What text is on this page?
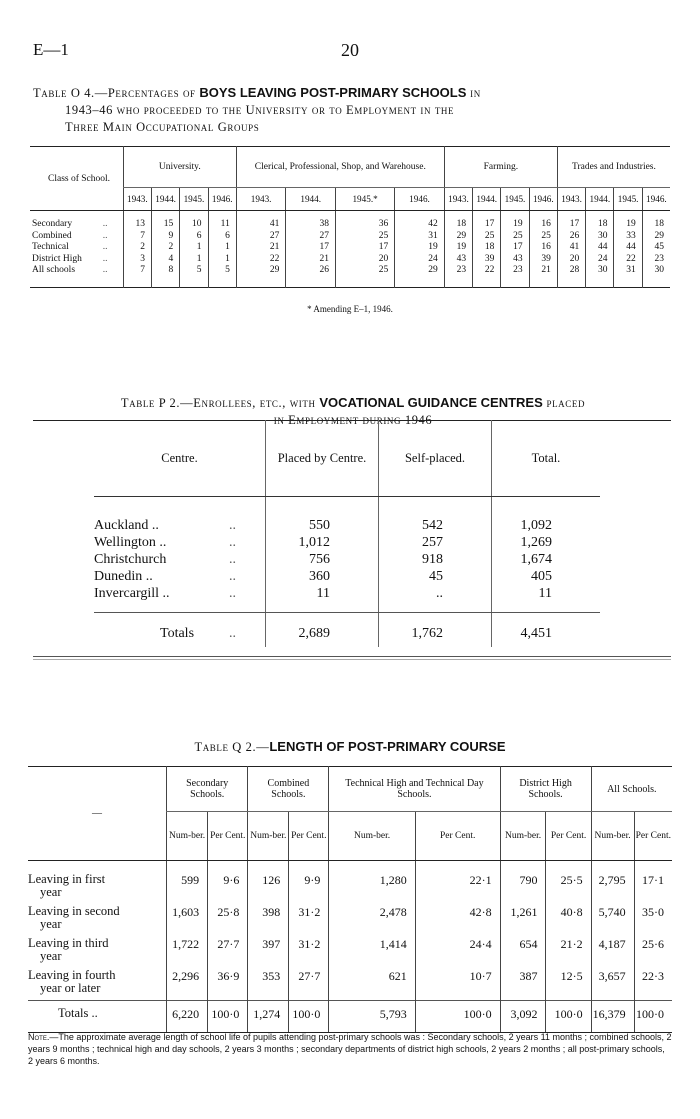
E—1	20
Table O 4.—Percentages of BOYS LEAVING POST-PRIMARY SCHOOLS in
1943–46 who proceeded to the University or to Employment in the
Three Main Occupational Groups
Class of School.		University.				Clerical, Professional, Shop, and Warehouse.				Farming.				Trades and Industries.			
		1943.	1944.	1945.	1946.	1943.	1944.	1945.*	1946.	1943.	1944.	1945.	1946.	1943.	1944.	1945.	1946.
Secondary	..	13	15	10	11	41	38	36	42	18	17	19	16	17	18	19	18
Combined	..	7	9	6	6	27	27	25	31	29	25	25	25	26	30	33	29
Technical	..	2	2	1	1	21	17	17	19	19	18	17	16	41	44	44	45
District High	..	3	4	1	1	22	21	20	24	43	39	43	39	20	24	22	23
All schools	..	7	8	5	5	29	26	25	29	23	22	23	21	28	30	31	30
* Amending E–1, 1946.
Table P 2.—Enrollees, etc., with VOCATIONAL GUIDANCE CENTRES placed
in Employment during 1946
Centre.		Placed by Centre.	Self-placed.	Total.
Auckland ..	..	550	542	1,092
Wellington ..	..	1,012	257	1,269
Christchurch	..	756	918	1,674
Dunedin ..	..	360	45	405
Invercargill ..	..	11	..	11
Totals	..	2,689	1,762	4,451
Table Q 2.—LENGTH OF POST-PRIMARY COURSE
—	Secondary Schools.		Combined Schools.		Technical High and Technical Day Schools.		District High Schools.		All Schools.	
	Num-ber.	Per Cent.	Num-ber.	Per Cent.	Num-ber.	Per Cent.	Num-ber.	Per Cent.	Num-ber.	Per Cent.

Leaving in first
year	599	9·6	126	9·9	1,280	22·1	790	25·5	2,795	17·1

Leaving in second
year	1,603	25·8	398	31·2	2,478	42·8	1,261	40·8	5,740	35·0

Leaving in third
year	1,722	27·7	397	31·2	1,414	24·4	654	21·2	4,187	25·6

Leaving in fourth
year or later	2,296	36·9	353	27·7	621	10·7	387	12·5	3,657	22·3
Totals ..	6,220	100·0	1,274	100·0	5,793	100·0	3,092	100·0	16,379	100·0
Note.—The approximate average length of school life of pupils attending post-primary schools was : Secondary schools, 2 years 11 months ; combined schools, 2 years 9 months ; technical high and day schools, 2 years 3 months ; secondary departments of district high schools, 2 years 2 months ; all post-primary schools, 2 years 6 months.
